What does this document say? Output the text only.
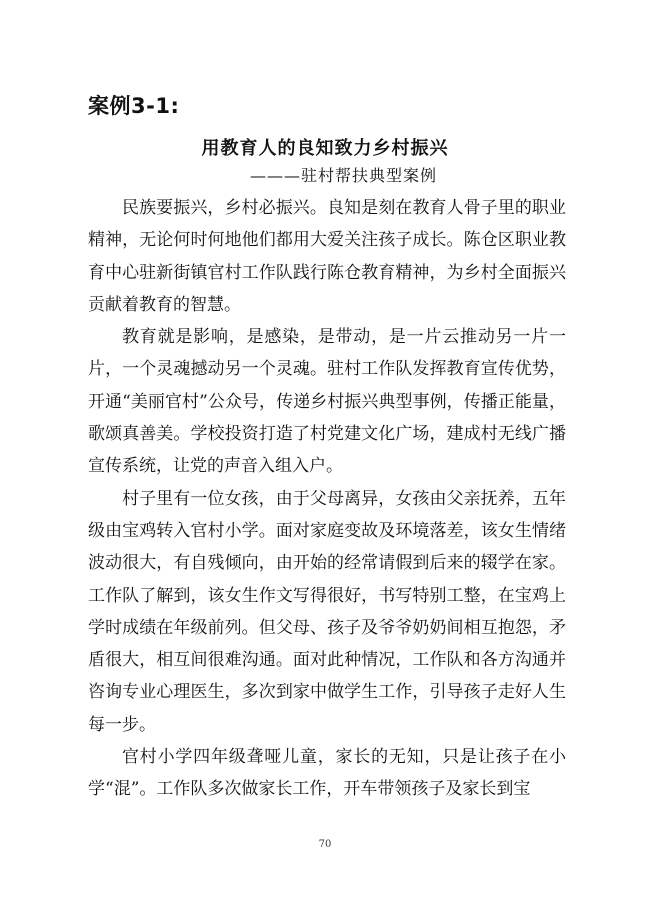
案例3-1:
用教育人的良知致力乡村振兴
———驻村帮扶典型案例

民族要振兴，乡村必振兴。良知是刻在教育人骨子里的职业精神，无论何时何地他们都用大爱关注孩子成长。陈仓区职业教育中心驻新街镇官村工作队践行陈仓教育精神，为乡村全面振兴贡献着教育的智慧。

教育就是影响，是感染，是带动，是一片云推动另一片一片，一个灵魂撼动另一个灵魂。驻村工作队发挥教育宣传优势，开通“美丽官村”公众号，传递乡村振兴典型事例，传播正能量，歌颂真善美。学校投资打造了村党建文化广场，建成村无线广播宣传系统，让党的声音入组入户。

村子里有一位女孩，由于父母离异，女孩由父亲抚养，五年级由宝鸡转入官村小学。面对家庭变故及环境落差，该女生情绪波动很大，有自残倾向，由开始的经常请假到后来的辍学在家。工作队了解到，该女生作文写得很好，书写特别工整，在宝鸡上学时成绩在年级前列。但父母、孩子及爷爷奶奶间相互抱怨，矛盾很大，相互间很难沟通。面对此种情况，工作队和各方沟通并咨询专业心理医生，多次到家中做学生工作，引导孩子走好人生每一步。

官村小学四年级聋哑儿童，家长的无知，只是让孩子在小学“混”。工作队多次做家长工作，开车带领孩子及家长到宝

70
